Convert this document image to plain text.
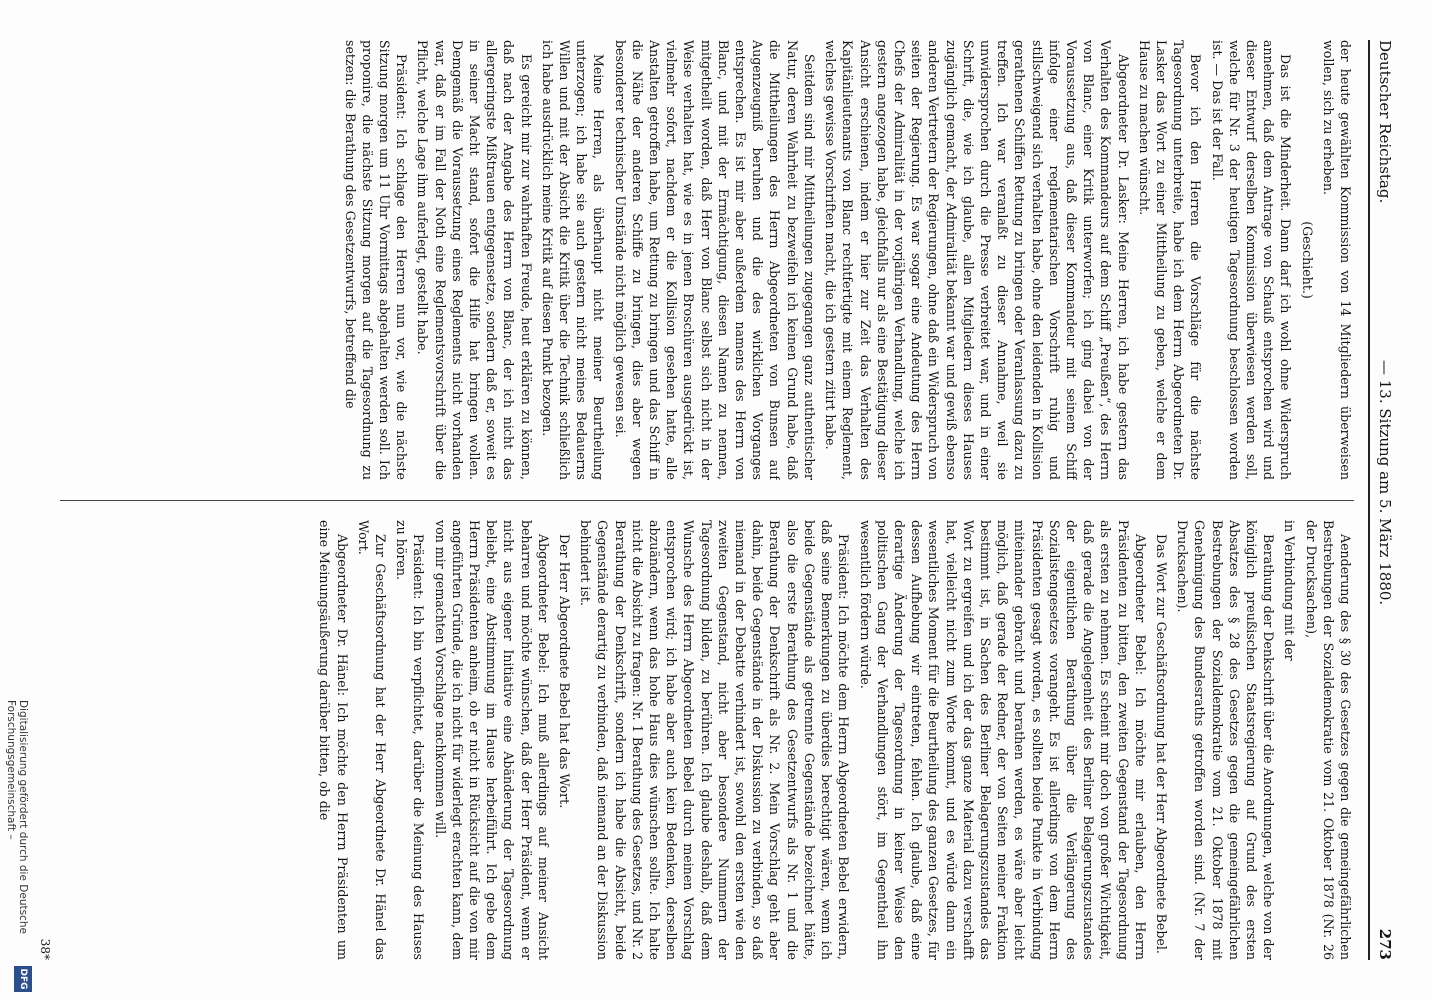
Deutscher Reichstag.
— 13. Sitzung am 5. März 1880.
273

der heute gewählten Kommission von 14 Mitgliedern überweisen wollen, sich zu erheben.

(Geschieht.)

Das ist die Minderheit. Dann darf ich wohl ohne Widerspruch annehmen, daß dem Antrage von Schauß entsprochen wird und dieser Entwurf derselben Kommission überwiesen werden soll, welche für Nr. 3 der heutigen Tagesordnung beschlossen worden ist. — Das ist der Fall.

Bevor ich den Herren die Vorschläge für die nächste Tagesordnung unterbreite, habe ich dem Herrn Abgeordneten Dr. Lasker das Wort zu einer Mittheilung zu geben, welche er dem Hause zu machen wünscht.

Abgeordneter Dr. Lasker: Meine Herren, ich habe gestern das Verhalten des Kommandeurs auf dem Schiff „Preußen“, des Herrn von Blanc, einer Kritik unterworfen; ich ging dabei von der Voraussetzung aus, daß dieser Kommandeur mit seinem Schiff infolge einer reglementarischen Vorschrift ruhig und stillschweigend sich verhalten habe, ohne den leidenden in Kollision gerathenen Schiffen Rettung zu bringen oder Veranlassung dazu zu treffen. Ich war veranlaßt zu dieser Annahme, weil sie unwidersprochen durch die Presse verbreitet war, und in einer Schrift, die, wie ich glaube, allen Mitgliedern dieses Hauses zugänglich gemacht, der Admiralität bekannt war und gewiß ebenso anderen Vertretern der Regierungen, ohne daß ein Widerspruch von seiten der Regierung. Es war sogar eine Andeutung des Herrn Chefs der Admiralität in der vorjährigen Verhandlung, welche ich gestern angezogen habe, gleichfalls nur als eine Bestätigung dieser Ansicht erschienen, indem er hier zur Zeit das Verhalten des Kapitänlieutenants von Blanc rechtfertigte mit einem Reglement, welches gewisse Vorschriften macht, die ich gestern zitirt habe.

Seitdem sind mir Mittheilungen zugegangen ganz authentischer Natur, deren Wahrheit zu bezweifeln ich keinen Grund habe, daß die Mittheilungen des Herrn Abgeordneten von Bunsen auf Augenzeugniß beruhen und die des wirklichen Vorganges entsprechen. Es ist mir aber außerdem namens des Herrn von Blanc, und mit der Ermächtigung, diesen Namen zu nennen, mitgetheilt worden, daß Herr von Blanc selbst sich nicht in der Weise verhalten hat, wie es in jenen Broschüren ausgedrückt ist, vielmehr sofort, nachdem er die Kollision gesehen hatte, alle Anstalten getroffen habe, um Rettung zu bringen und das Schiff in die Nähe der anderen Schiffe zu bringen, dies aber wegen besonderer technischer Umstände nicht möglich gewesen sei.

Meine Herren, als überhaupt nicht meiner Beurtheilung unterzogen; ich habe sie auch gestern nicht meines Bedauerns Willen und mit der Absicht die Kritik über die Technik schließlich ich habe ausdrücklich meine Kritik auf diesen Punkt bezogen.

Es gereicht mir zur wahrhaften Freude, heut erklären zu können, daß nach der Angabe des Herrn von Blanc, der ich nicht das allergeringste Mißtrauen entgegensetze, sondern daß er, soweit es in seiner Macht stand, sofort die Hilfe hat bringen wollen. Demgemäß die Voraussetzung eines Reglements nicht vorhanden war, daß er im Fall der Noth eine Reglementsvorschrift über die Pflicht, welche Lage ihm auferlegt, gestellt habe.

Präsident: Ich schlage den Herren nun vor, wie die nächste Sitzung morgen um 11 Uhr Vormittags abgehalten werden soll. Ich proponire, die nächste Sitzung morgen auf die Tagesordnung zu setzen: die Berathung des Gesetzentwurfs, betreffend die

Aenderung des § 30 des Gesetzes gegen die gemeingefährlichen Bestrebungen der Sozialdemokratie vom 21. Oktober 1878 (Nr. 26 der Drucksachen),

in Verbindung mit der

Berathung der Denkschrift über die Anordnungen, welche von der königlich preußischen Staatsregierung auf Grund des ersten Absatzes des § 28 des Gesetzes gegen die gemeingefährlichen Bestrebungen der Sozialdemokratie vom 21. Oktober 1878 mit Genehmigung des Bundesraths getroffen worden sind. (Nr. 7 der Drucksachen).

Das Wort zur Geschäftsordnung hat der Herr Abgeordnete Bebel.

Abgeordneter Bebel: Ich möchte mir erlauben, den Herrn Präsidenten zu bitten, den zweiten Gegenstand der Tagesordnung als ersten zu nehmen. Es scheint mir doch von großer Wichtigkeit, daß gerade die Angelegenheit des Berliner Belagerungszustandes der eigentlichen Berathung über die Verlängerung des Sozialistengesetzes vorangeht. Es ist allerdings von dem Herrn Präsidenten gesagt worden, es sollten beide Punkte in Verbindung miteinander gebracht und berathen werden, es wäre aber leicht möglich, daß gerade der Redner, der von Seiten meiner Fraktion bestimmt ist, in Sachen des Berliner Belagerungszustandes das Wort zu ergreifen und ich der das ganze Material dazu verschafft hat, vielleicht nicht zum Worte kommt, und es würde dann ein wesentliches Moment für die Beurtheilung des ganzen Gesetzes, für dessen Aufhebung wir eintreten, fehlen. Ich glaube, daß eine derartige Änderung der Tagesordnung in keiner Weise den politischen Gang der Verhandlungen stört, im Gegentheil ihn wesentlich fördern würde.

Präsident: Ich möchte dem Herrn Abgeordneten Bebel erwidern, daß seine Bemerkungen zu überdies berechtigt wären, wenn ich beide Gegenstände als getrennte Gegenstände bezeichnet hätte, also die erste Berathung des Gesetzentwurfs als Nr. 1 und die Berathung der Denkschrift als Nr. 2. Mein Vorschlag geht aber dahin, beide Gegenstände in der Diskussion zu verbinden, so daß niemand in der Debatte verhindert ist, sowohl den ersten wie den zweiten Gegenstand, nicht aber besondere Nummern der Tagesordnung bilden, zu berühren. Ich glaube deshalb, daß dem Wunsche des Herrn Abgeordneten Bebel durch meinen Vorschlag entsprochen wird; ich habe aber auch kein Bedenken, derselben abzuändern, wenn das hohe Haus dies wünschen sollte. Ich halte nicht die Absicht zu fragen: Nr. 1 Berathung des Gesetzes, und Nr. 2 Berathung der Denkschrift, sondern ich habe die Absicht, beide Gegenstände derartig zu verbinden, daß niemand an der Diskussion behindert ist.

Der Herr Abgeordnete Bebel hat das Wort.

Abgeordneter Bebel: Ich muß allerdings auf meiner Ansicht beharren und möchte wünschen, daß der Herr Präsident, wenn er nicht aus eigener Initiative eine Abänderung der Tagesordnung beliebt, eine Abstimmung im Hause herbeiführt. Ich gebe dem Herrn Präsidenten anheim, ob er nicht in Rücksicht auf die von mir angeführten Gründe, die ich nicht für widerlegt erachten kann, dem von mir gemachten Vorschlage nachkommen will.

Präsident: Ich bin verpflichtet, darüber die Meinung des Hauses zu hören.

Zur Geschäftsordnung hat der Herr Abgeordnete Dr. Hänel das Wort.

Abgeordneter Dr. Hänel: Ich möchte den Herrn Präsidenten um eine Meinungsäußerung darüber bitten, ob die

38*
Digitalisierung gefördert durch die Deutsche Forschungsgemeinschaft –
DFG
